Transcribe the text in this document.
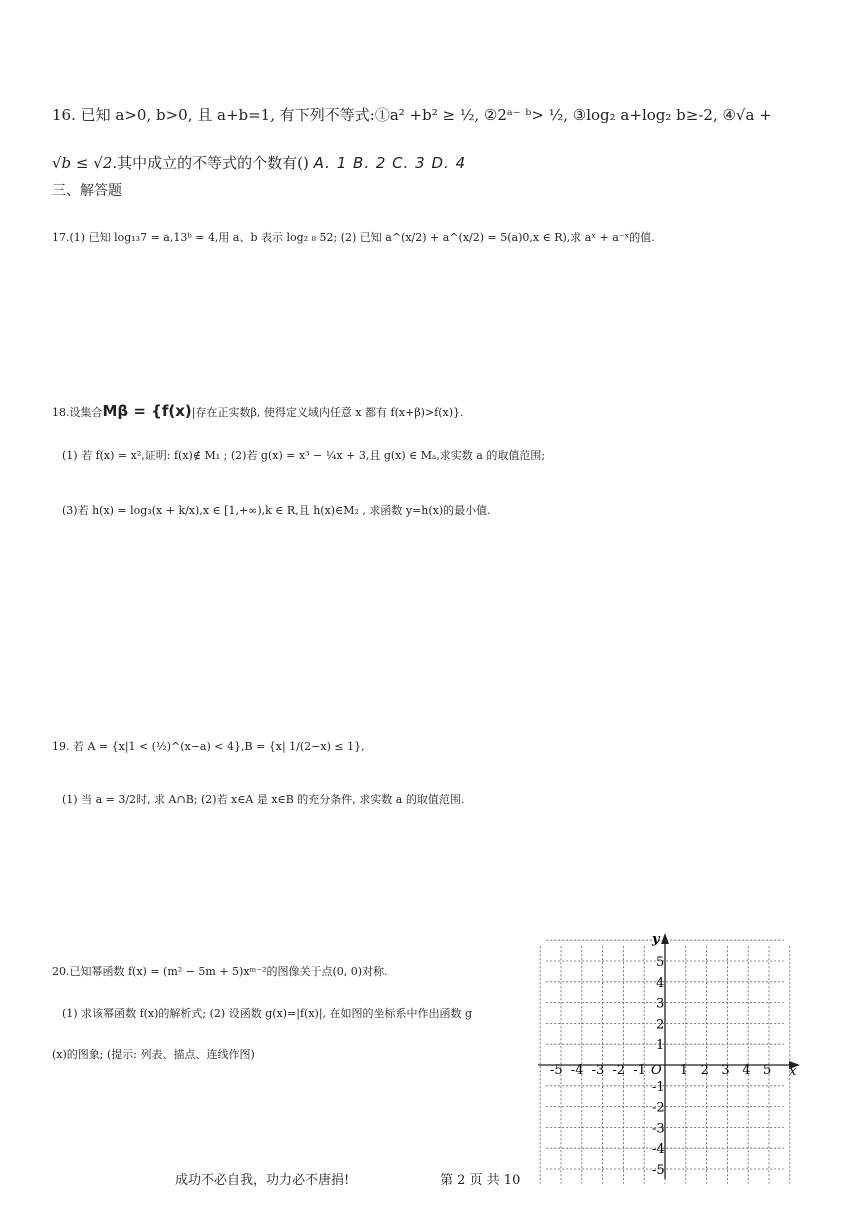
16. 已知 a>0, b>0, 且 a+b=1, 有下列不等式:①a² +b² ≥ ½, ②2ᵃ⁻ ᵇ> ½, ③log₂ a+log₂ b≥-2, ④√a +
√b ≤ √2.其中成立的不等式的个数有() A. 1 B. 2 C. 3 D. 4
三、解答题
17.(1) 已知 log₁₃7 = a,13ᵇ = 4,用 a、b 表示 log₂ ₈ 52; (2) 已知 a^(x/2) + a^(x/2) = 5(a)0,x ∈ R),求 aˣ + a⁻ˣ的值.
18.设集合Mβ = {f(x)|存在正实数β, 使得定义域内任意 x 都有 f(x+β)>f(x)}.
(1) 若 f(x) = x²,证明: f(x)∉ M₁ ; (2)若 g(x) = x³ − ¼x + 3,且 g(x) ∈ Mₐ,求实数 a 的取值范围;
(3)若 h(x) = log₃(x + k/x),x ∈ [1,+∞),k ∈ R,且 h(x)∈M₂ , 求函数 y=h(x)的最小值.
19. 若 A = {x|1 < (½)^(x−a) < 4},B = {x| 1/(2−x) ≤ 1},
(1) 当 a = 3/2时, 求 A∩B; (2)若 x∈A 是 x∈B 的充分条件, 求实数 a 的取值范围.
20.已知幂函数 f(x) = (m² − 5m + 5)xᵐ⁻²的图像关于点(0, 0)对称.
(1) 求该幂函数 f(x)的解析式; (2) 设函数 g(x)=|f(x)|, 在如图的坐标系中作出函数 g
(x)的图象; (提示: 列表、描点、连线作图)
x
y
O
-5 -4 -3 -2 -1	1 2 3 4 5
5
4
3
2
1
-1
-2
-3
-4
-5
成功不必自我，功力必不唐捐!	第 2 页 共 10
